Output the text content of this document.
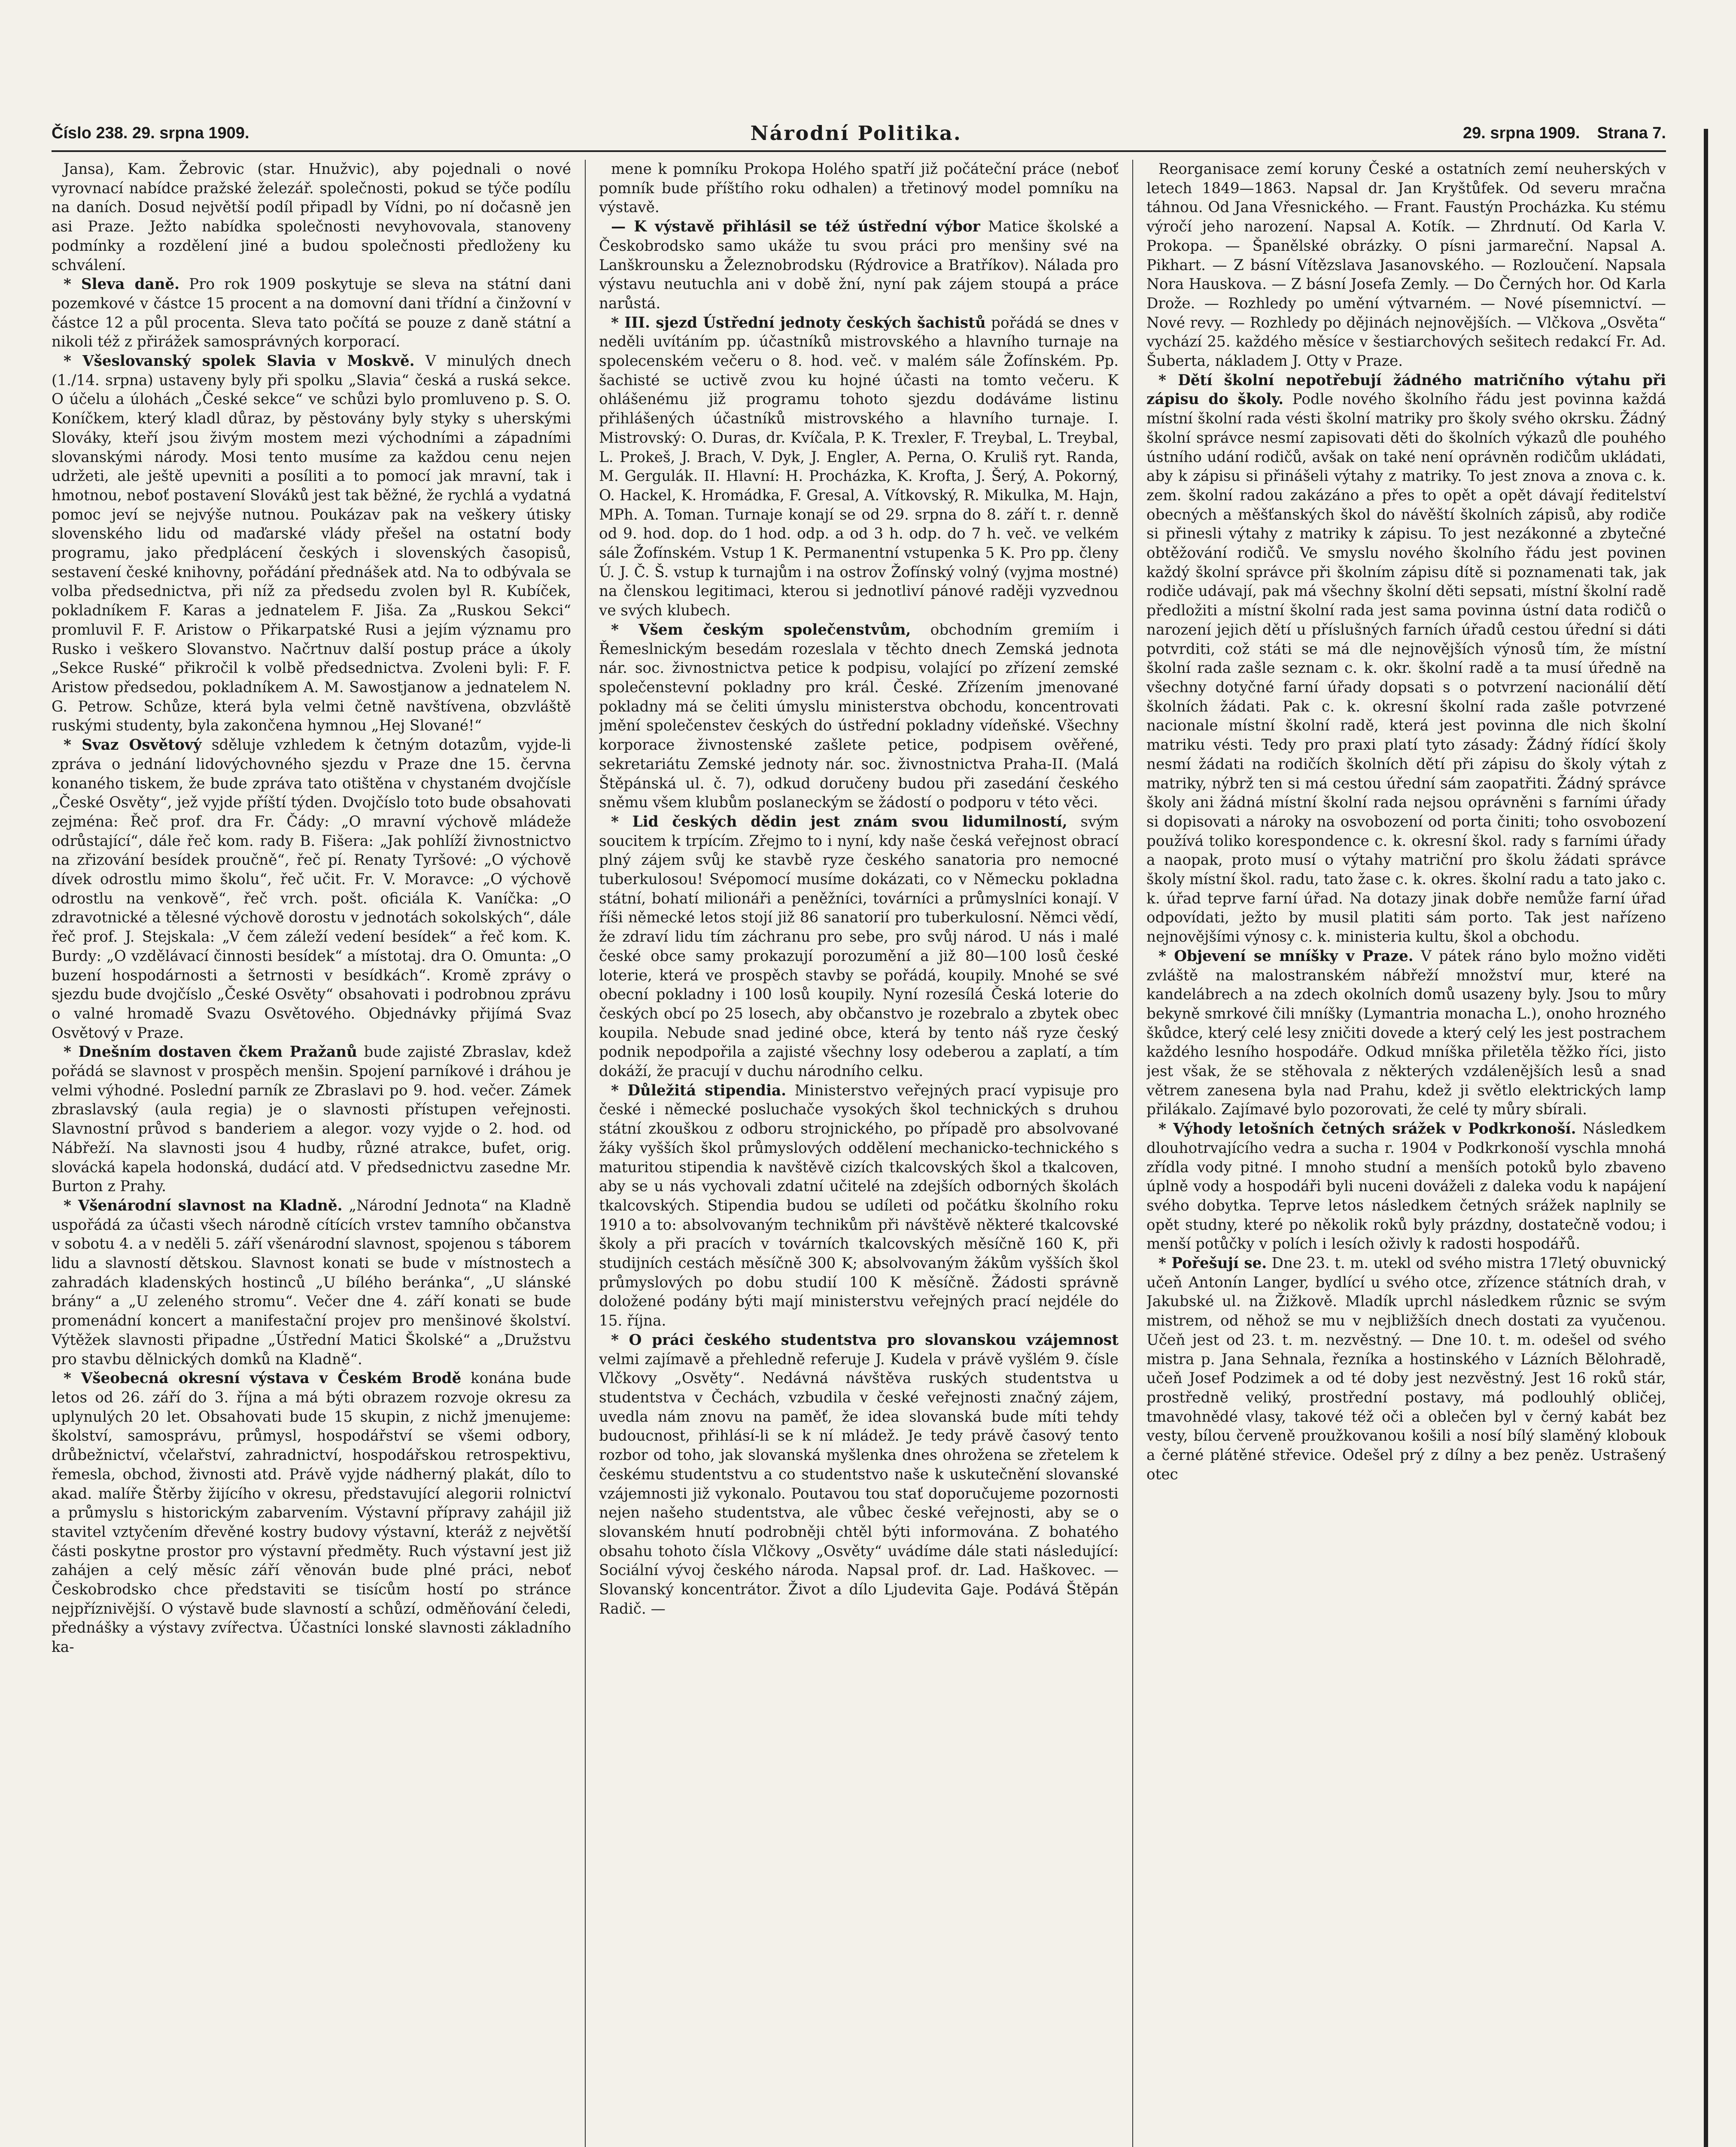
Číslo 238. 29. srpna 1909.	Národní Politika.	29. srpna 1909. Strana 7.

Jansa), Kam. Žebrovic (star. Hnužvic), aby pojednali o nové vyrovnací nabídce pražské železář. společnosti, pokud se týče podílu na daních. Dosud největší podíl připadl by Vídni, po ní dočasně jen asi Praze. Ježto nabídka společnosti nevyhovovala, stanoveny podmínky a rozdělení jiné a budou společnosti předloženy ku schválení.

* Sleva daně. Pro rok 1909 poskytuje se sleva na státní dani pozemkové v částce 15 procent a na domovní dani třídní a činžovní v částce 12 a půl procenta. Sleva tato počítá se pouze z daně státní a nikoli též z přirážek samosprávných korporací.

* Všeslovanský spolek Slavia v Moskvě. V minulých dnech (1./14. srpna) ustaveny byly při spolku „Slavia“ česká a ruská sekce. O účelu a úlohách „České sekce“ ve schůzi bylo promluveno p. S. O. Koníčkem, který kladl důraz, by pěstovány byly styky s uherskými Slováky, kteří jsou živým mostem mezi východními a západními slovanskými národy. Mosi tento musíme za každou cenu nejen udržeti, ale ještě upevniti a posíliti a to pomocí jak mravní, tak i hmotnou, neboť postavení Slováků jest tak běžné, že rychlá a vydatná pomoc jeví se nejvýše nutnou. Poukázav pak na veškery útisky slovenského lidu od maďarské vlády přešel na ostatní body programu, jako předplácení českých i slovenských časopisů, sestavení české knihovny, pořádání přednášek atd. Na to odbývala se volba předsednictva, při níž za předsedu zvolen byl R. Kubíček, pokladníkem F. Karas a jednatelem F. Jiša. Za „Ruskou Sekci“ promluvil F. F. Aristow o Přikarpatské Rusi a jejím významu pro Rusko i veškero Slovanstvo. Načrtnuv další postup práce a úkoly „Sekce Ruské“ přikročil k volbě předsednictva. Zvoleni byli: F. F. Aristow předsedou, pokladníkem A. M. Sawostjanow a jednatelem N. G. Petrow. Schůze, která byla velmi četně navštívena, obzvláště ruskými studenty, byla zakončena hymnou „Hej Slované!“

* Svaz Osvětový sděluje vzhledem k četným dotazům, vyjde-li zpráva o jednání lidovýchovného sjezdu v Praze dne 15. června konaného tiskem, že bude zpráva tato otištěna v chystaném dvojčísle „České Osvěty“, jež vyjde příští týden. Dvojčíslo toto bude obsahovati zejména: Řeč prof. dra Fr. Čády: „O mravní výchově mládeže odrůstající“, dále řeč kom. rady B. Fišera: „Jak pohlíží živnostnictvo na zřizování besídek proučně“, řeč pí. Renaty Tyršové: „O výchově dívek odrostlu mimo školu“, řeč učit. Fr. V. Moravce: „O výchově odrostlu na venkově“, řeč vrch. pošt. oficiála K. Vaníčka: „O zdravotnické a tělesné výchově dorostu v jednotách sokolských“, dále řeč prof. J. Stejskala: „V čem záleží vedení besídek“ a řeč kom. K. Burdy: „O vzdělávací činnosti besídek“ a místotaj. dra O. Omunta: „O buzení hospodárnosti a šetrnosti v besídkách“. Kromě zprávy o sjezdu bude dvojčíslo „České Osvěty“ obsahovati i podrobnou zprávu o valné hromadě Svazu Osvětového. Objednávky přijímá Svaz Osvětový v Praze.

* Dnešním dostaven čkem Pražanů bude zajisté Zbraslav, kdež pořádá se slavnost v prospěch menšin. Spojení parníkové i dráhou je velmi výhodné. Poslední parník ze Zbraslavi po 9. hod. večer. Zámek zbraslavský (aula regia) je o slavnosti přístupen veřejnosti. Slavnostní průvod s banderiem a alegor. vozy vyjde o 2. hod. od Nábřeží. Na slavnosti jsou 4 hudby, různé atrakce, bufet, orig. slovácká kapela hodonská, dudácí atd. V předsednictvu zasedne Mr. Burton z Prahy.

* Všenárodní slavnost na Kladně. „Národní Jednota“ na Kladně uspořádá za účasti všech národně cítících vrstev tamního občanstva v sobotu 4. a v neděli 5. září všenárodní slavnost, spojenou s táborem lidu a slavností dětskou. Slavnost konati se bude v místnostech a zahradách kladenských hostinců „U bílého beránka“, „U slánské brány“ a „U zeleného stromu“. Večer dne 4. září konati se bude promenádní koncert a manifestační projev pro menšinové školství. Výtěžek slavnosti připadne „Ústřední Matici Školské“ a „Družstvu pro stavbu dělnických domků na Kladně“.

* Všeobecná okresní výstava v Českém Brodě konána bude letos od 26. září do 3. října a má býti obrazem rozvoje okresu za uplynulých 20 let. Obsahovati bude 15 skupin, z nichž jmenujeme: školství, samosprávu, průmysl, hospodářství se všemi odbory, drůbežnictví, včelařství, zahradnictví, hospodářskou retrospektivu, řemesla, obchod, živnosti atd. Právě vyjde nádherný plakát, dílo to akad. malíře Štěrby žijícího v okresu, představující alegorii rolnictví a průmyslu s historickým zabarvením. Výstavní přípravy zahájil již stavitel vztyčením dřevěné kostry budovy výstavní, kteráž z největší části poskytne prostor pro výstavní předměty. Ruch výstavní jest již zahájen a celý měsíc září věnován bude plné práci, neboť Českobrodsko chce představiti se tisícům hostí po stránce nejpříznivější. O výstavě bude slavností a schůzí, odměňování čeledi, přednášky a výstavy zvířectva. Účastníci lonské slavnosti základního ka-

mene k pomníku Prokopa Holého spatří již počáteční práce (neboť pomník bude příštího roku odhalen) a třetinový model pomníku na výstavě.

— K výstavě přihlásil se též ústřední výbor Matice školské a Českobrodsko samo ukáže tu svou práci pro menšiny své na Lanškrounsku a Železnobrodsku (Rýdrovice a Bratříkov). Nálada pro výstavu neutuchla ani v době žní, nyní pak zájem stoupá a práce narůstá.

* III. sjezd Ústřední jednoty českých šachistů pořádá se dnes v neděli uvítáním pp. účastníků mistrovského a hlavního turnaje na spolecenském večeru o 8. hod. več. v malém sále Žofínském. Pp. šachisté se uctivě zvou ku hojné účasti na tomto večeru. K ohlášenému již programu tohoto sjezdu dodáváme listinu přihlášených účastníků mistrovského a hlavního turnaje. I. Mistrovský: O. Duras, dr. Kvíčala, P. K. Trexler, F. Treybal, L. Treybal, L. Prokeš, J. Brach, V. Dyk, J. Engler, A. Perna, O. Kruliš ryt. Randa, M. Gergulák. II. Hlavní: H. Procházka, K. Krofta, J. Šerý, A. Pokorný, O. Hackel, K. Hromádka, F. Gresal, A. Vítkovský, R. Mikulka, M. Hajn, MPh. A. Toman. Turnaje konají se od 29. srpna do 8. září t. r. denně od 9. hod. dop. do 1 hod. odp. a od 3 h. odp. do 7 h. več. ve velkém sále Žofínském. Vstup 1 K. Permanentní vstupenka 5 K. Pro pp. členy Ú. J. Č. Š. vstup k turnajům i na ostrov Žofínský volný (vyjma mostné) na členskou legitimaci, kterou si jednotliví pánové raději vyzvednou ve svých klubech.

* Všem českým společenstvům, obchodním gremiím i Řemeslnickým besedám rozeslala v těchto dnech Zemská jednota nár. soc. živnostnictva petice k podpisu, volající po zřízení zemské společenstevní pokladny pro král. České. Zřízením jmenované pokladny má se čeliti úmyslu ministerstva obchodu, koncentrovati jmění společenstev českých do ústřední pokladny vídeňské. Všechny korporace živnostenské zašlete petice, podpisem ověřené, sekretariátu Zemské jednoty nár. soc. živnostnictva Praha-II. (Malá Štěpánská ul. č. 7), odkud doručeny budou při zasedání českého sněmu všem klubům poslaneckým se žádostí o podporu v této věci.

* Lid českých dědin jest znám svou lidumilností, svým soucitem k trpícím. Zřejmo to i nyní, kdy naše česká veřejnost obrací plný zájem svůj ke stavbě ryze českého sanatoria pro nemocné tuberkulosou! Svépomocí musíme dokázati, co v Německu pokladna státní, bohatí milionáři a peněžníci, továrníci a průmyslníci konají. V říši německé letos stojí již 86 sanatorií pro tuberkulosní. Němci vědí, že zdraví lidu tím záchranu pro sebe, pro svůj národ. U nás i malé české obce samy prokazují porozumění a již 80—100 losů české loterie, která ve prospěch stavby se pořádá, koupily. Mnohé se své obecní pokladny i 100 losů koupily. Nyní rozesílá Česká loterie do českých obcí po 25 losech, aby občanstvo je rozebralo a zbytek obec koupila. Nebude snad jediné obce, která by tento náš ryze český podnik nepodpořila a zajisté všechny losy odeberou a zaplatí, a tím dokáží, že pracují v duchu národního celku.

* Důležitá stipendia. Ministerstvo veřejných prací vypisuje pro české i německé posluchače vysokých škol technických s druhou státní zkouškou z odboru strojnického, po případě pro absolvované žáky vyšších škol průmyslových oddělení mechanicko-technického s maturitou stipendia k navštěvě cizích tkalcovských škol a tkalcoven, aby se u nás vychovali zdatní učitelé na zdejších odborných školách tkalcovských. Stipendia budou se udíleti od počátku školního roku 1910 a to: absolvovaným technikům při návštěvě některé tkalcovské školy a při pracích v továrních tkalcovských měsíčně 160 K, při studijních cestách měsíčně 300 K; absolvovaným žákům vyšších škol průmyslových po dobu studií 100 K měsíčně. Žádosti správně doložené podány býti mají ministerstvu veřejných prací nejdéle do 15. října.

* O práci českého studentstva pro slovanskou vzájemnost velmi zajímavě a přehledně referuje J. Kudela v právě vyšlém 9. čísle Vlčkovy „Osvěty“. Nedávná návštěva ruských studentstva u studentstva v Čechách, vzbudila v české veřejnosti značný zájem, uvedla nám znovu na paměť, že idea slovanská bude míti tehdy budoucnost, přihlásí-li se k ní mládež. Je tedy právě časový tento rozbor od toho, jak slovanská myšlenka dnes ohrožena se zřetelem k českému studentstvu a co studentstvo naše k uskutečnění slovanské vzájemnosti již vykonalo. Poutavou tou stať doporučujeme pozornosti nejen našeho studentstva, ale vůbec české veřejnosti, aby se o slovanském hnutí podrobněji chtěl býti informována. Z bohatého obsahu tohoto čísla Vlčkovy „Osvěty“ uvádíme dále stati následující: Sociální vývoj českého národa. Napsal prof. dr. Lad. Haškovec. — Slovanský koncentrátor. Život a dílo Ljudevita Gaje. Podává Štěpán Radič. —

Reorganisace zemí koruny České a ostatních zemí neuherských v letech 1849—1863. Napsal dr. Jan Kryštůfek. Od severu mračna táhnou. Od Jana Vřesnického. — Frant. Faustýn Procházka. Ku stému výročí jeho narození. Napsal A. Kotík. — Zhrdnutí. Od Karla V. Prokopa. — Španělské obrázky. O písni jarmareční. Napsal A. Pikhart. — Z básní Vítězslava Jasanovského. — Rozloučení. Napsala Nora Hauskova. — Z básní Josefa Zemly. — Do Černých hor. Od Karla Drože. — Rozhledy po umění výtvarném. — Nové písemnictví. — Nové revy. — Rozhledy po dějinách nejnovějších. — Vlčkova „Osvěta“ vychází 25. každého měsíce v šestiarchových sešitech redakcí Fr. Ad. Šuberta, nákladem J. Otty v Praze.

* Dětí školní nepotřebují žádného matričního výtahu při zápisu do školy. Podle nového školního řádu jest povinna každá místní školní rada vésti školní matriky pro školy svého okrsku. Žádný školní správce nesmí zapisovati děti do školních výkazů dle pouhého ústního udání rodičů, avšak on také není oprávněn rodičům ukládati, aby k zápisu si přinášeli výtahy z matriky. To jest znova a znova c. k. zem. školní radou zakázáno a přes to opět a opět dávají ředitelství obecných a měšťanských škol do návěští školních zápisů, aby rodiče si přinesli výtahy z matriky k zápisu. To jest nezákonné a zbytečné obtěžování rodičů. Ve smyslu nového školního řádu jest povinen každý školní správce při školním zápisu dítě si poznamenati tak, jak rodiče udávají, pak má všechny školní děti sepsati, místní školní radě předložiti a místní školní rada jest sama povinna ústní data rodičů o narození jejich dětí u příslušných farních úřadů cestou úřední si dáti potvrditi, což státi se má dle nejnovějších výnosů tím, že místní školní rada zašle seznam c. k. okr. školní radě a ta musí úředně na všechny dotyčné farní úřady dopsati s o potvrzení nacionálií dětí školních žádati. Pak c. k. okresní školní rada zašle potvrzené nacionale místní školní radě, která jest povinna dle nich školní matriku vésti. Tedy pro praxi platí tyto zásady: Žádný řídící školy nesmí žádati na rodičích školních dětí při zápisu do školy výtah z matriky, nýbrž ten si má cestou úřední sám zaopatřiti. Žádný správce školy ani žádná místní školní rada nejsou oprávněni s farními úřady si dopisovati a nároky na osvobození od porta činiti; toho osvobození používá toliko korespondence c. k. okresní škol. rady s farními úřady a naopak, proto musí o výtahy matriční pro školu žádati správce školy místní škol. radu, tato žase c. k. okres. školní radu a tato jako c. k. úřad teprve farní úřad. Na dotazy jinak dobře nemůže farní úřad odpovídati, ježto by musil platiti sám porto. Tak jest nařízeno nejnovějšími výnosy c. k. ministeria kultu, škol a obchodu.

* Objevení se mníšky v Praze. V pátek ráno bylo možno viděti zvláště na malostranském nábřeží množství mur, které na kandelábrech a na zdech okolních domů usazeny byly. Jsou to můry bekyně smrkové čili mníšky (Lymantria monacha L.), onoho hrozného škůdce, který celé lesy zničiti dovede a který celý les jest postrachem každého lesního hospodáře. Odkud mníška přiletěla těžko říci, jisto jest však, že se stěhovala z některých vzdálenějších lesů a snad větrem zanesena byla nad Prahu, kdež ji světlo elektrických lamp přilákalo. Zajímavé bylo pozorovati, že celé ty můry sbírali.

* Výhody letošních četných srážek v Podkrkonoší. Následkem dlouhotrvajícího vedra a sucha r. 1904 v Podkrkonoší vyschla mnohá zřídla vody pitné. I mnoho studní a menších potoků bylo zbaveno úplně vody a hospodáři byli nuceni dováželi z daleka vodu k napájení svého dobytka. Teprve letos následkem četných srážek naplnily se opět studny, které po několik roků byly prázdny, dostatečně vodou; i menší potůčky v polích i lesích oživly k radosti hospodářů.

* Pořešují se. Dne 23. t. m. utekl od svého mistra 17letý obuvnický učeň Antonín Langer, bydlící u svého otce, zřízence státních drah, v Jakubské ul. na Žižkově. Mladík uprchl následkem různic se svým mistrem, od něhož se mu v nejbližších dnech dostati za vyučenou. Učeň jest od 23. t. m. nezvěstný. — Dne 10. t. m. odešel od svého mistra p. Jana Sehnala, řezníka a hostinského v Lázních Bělohradě, učeň Josef Podzimek a od té doby jest nezvěstný. Jest 16 roků stár, prostředně veliký, prostřední postavy, má podlouhlý obličej, tmavohnědé vlasy, takové též oči a oblečen byl v černý kabát bez vesty, bílou červeně proužkovanou košili a nosí bílý slaměný klobouk a černé plátěné střevice. Odešel prý z dílny a bez peněz. Ustrašený otec
